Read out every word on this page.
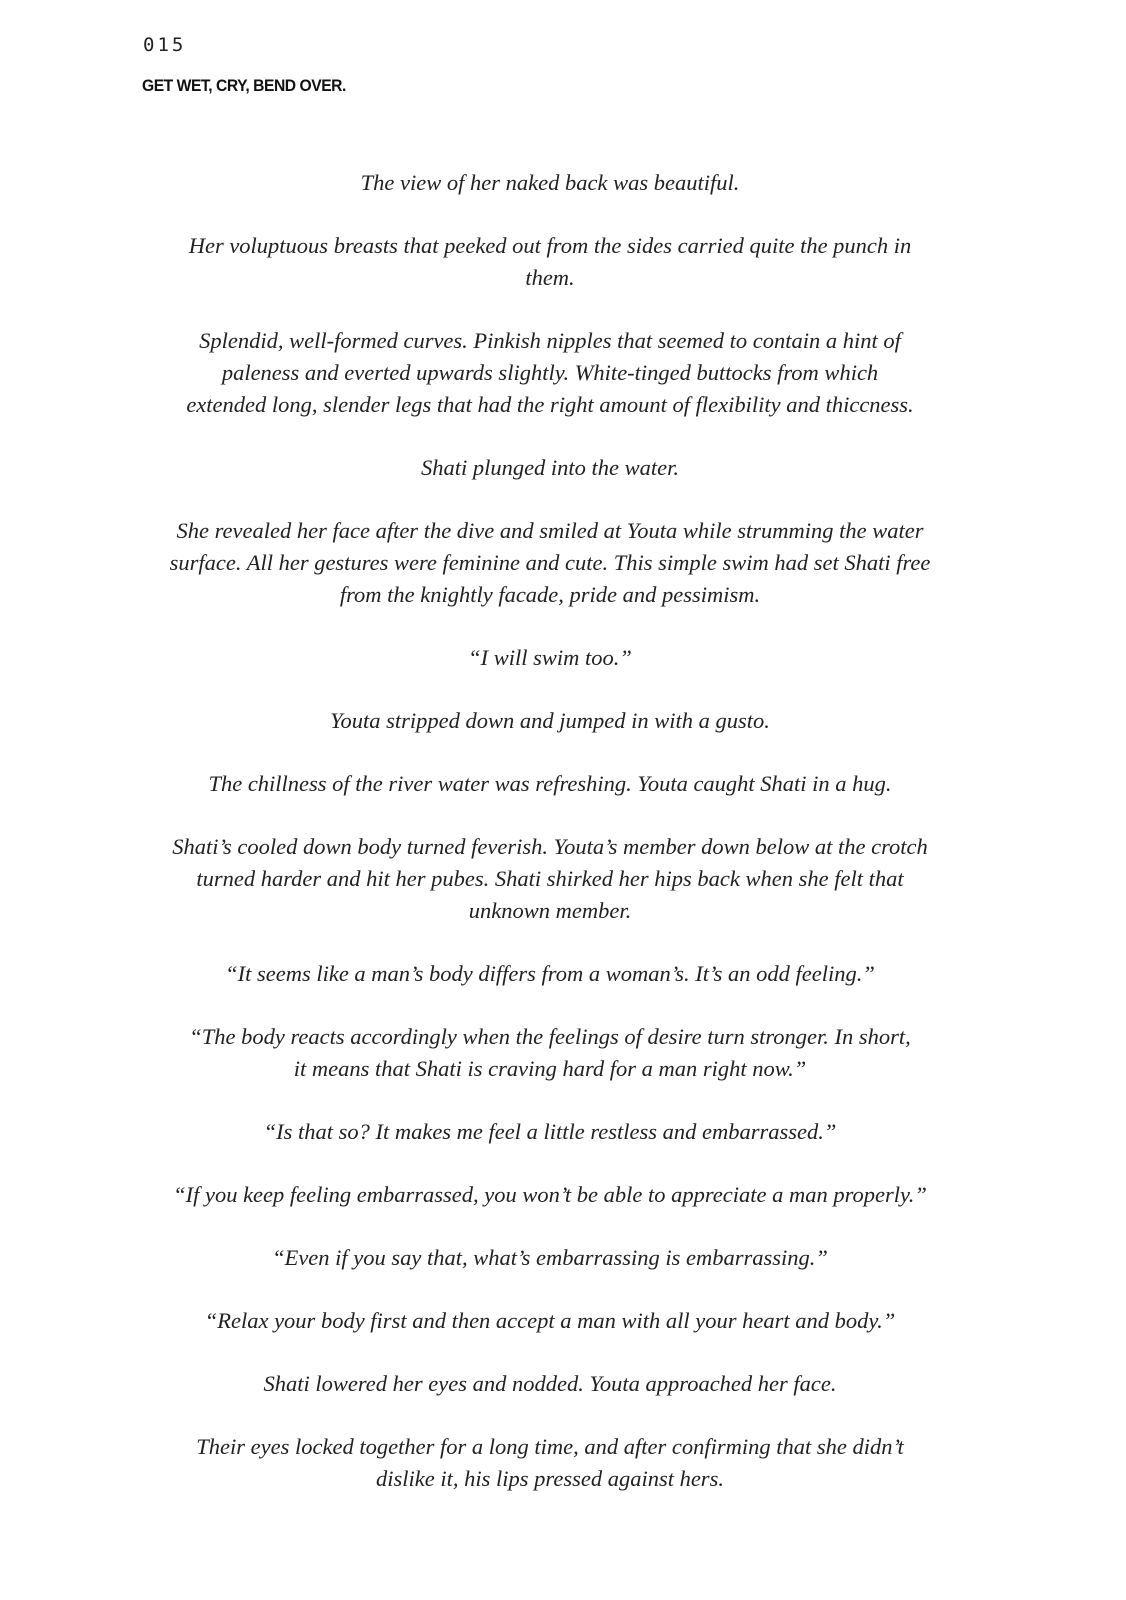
015
GET WET, CRY, BEND OVER.

The view of her naked back was beautiful.

Her voluptuous breasts that peeked out from the sides carried quite the punch in
them.

Splendid, well-formed curves. Pinkish nipples that seemed to contain a hint of
paleness and everted upwards slightly. White-tinged buttocks from which
extended long, slender legs that had the right amount of flexibility and thiccness.

Shati plunged into the water.

She revealed her face after the dive and smiled at Youta while strumming the water
surface. All her gestures were feminine and cute. This simple swim had set Shati free
from the knightly facade, pride and pessimism.

“I will swim too.”

Youta stripped down and jumped in with a gusto.

The chillness of the river water was refreshing. Youta caught Shati in a hug.

Shati’s cooled down body turned feverish. Youta’s member down below at the crotch
turned harder and hit her pubes. Shati shirked her hips back when she felt that
unknown member.

“It seems like a man’s body differs from a woman’s. It’s an odd feeling.”

“The body reacts accordingly when the feelings of desire turn stronger. In short,
it means that Shati is craving hard for a man right now.”

“Is that so? It makes me feel a little restless and embarrassed.”

“If you keep feeling embarrassed, you won’t be able to appreciate a man properly.”

“Even if you say that, what’s embarrassing is embarrassing.”

“Relax your body first and then accept a man with all your heart and body.”

Shati lowered her eyes and nodded. Youta approached her face.

Their eyes locked together for a long time, and after confirming that she didn’t
dislike it, his lips pressed against hers.
